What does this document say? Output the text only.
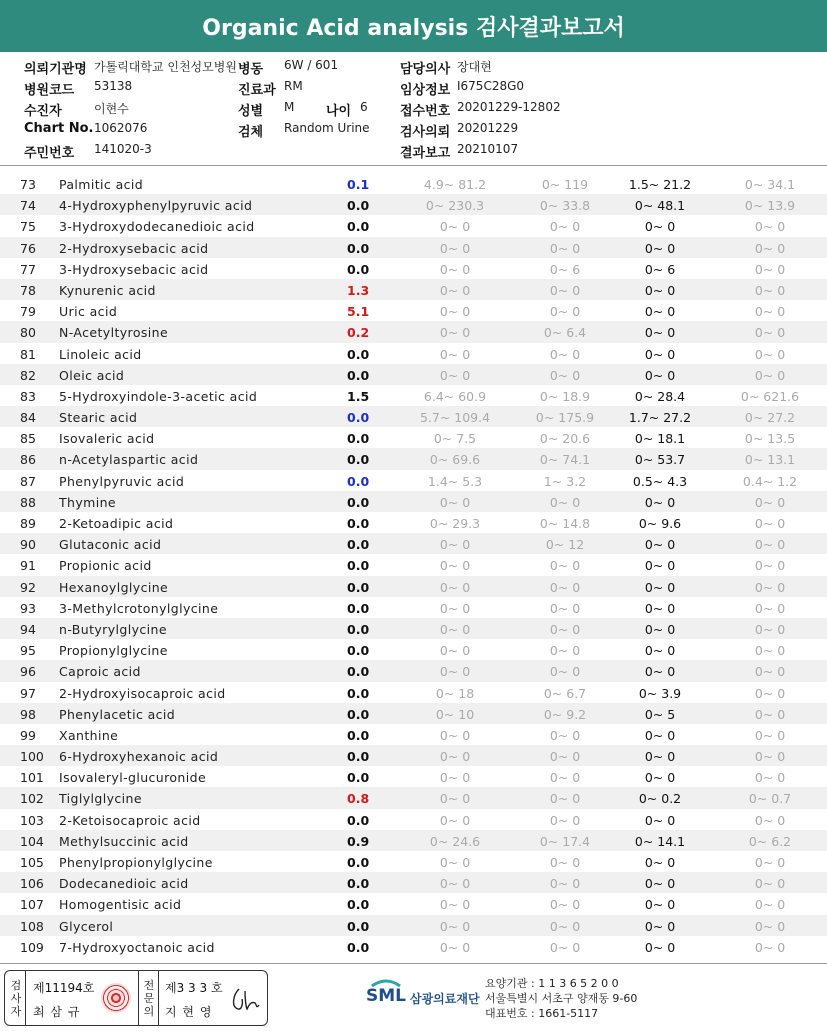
Organic Acid analysis 검사결과보고서
의뢰기관명 가톨릭대학교 인천성모병원
병원코드 53138
수진자	이현수
Chart No. 1062076
주민번호 141020-3
병동 6W / 601
진료과 RM
성별 M 나이 6
검체 Random Urine
담당의사 장대현
임상정보 I675C28G0
접수번호 20201229-12802
검사의뢰 20201229
결과보고 20210107
73 Palmitic acid	0.1	4.9~ 81.2	0~ 119	1.5~ 21.2	0~ 34.1
74 4-Hydroxyphenylpyruvic acid	0.0	0~ 230.3	0~ 33.8	0~ 48.1	0~ 13.9
75 3-Hydroxydodecanedioic acid	0.0	0~ 0	0~ 0	0~ 0	0~ 0
76 2-Hydroxysebacic acid	0.0	0~ 0	0~ 0	0~ 0	0~ 0
77 3-Hydroxysebacic acid	0.0	0~ 0	0~ 6	0~ 6	0~ 0
78 Kynurenic acid	1.3	0~ 0	0~ 0	0~ 0	0~ 0
79 Uric acid	5.1	0~ 0	0~ 0	0~ 0	0~ 0
80 N-Acetyltyrosine	0.2	0~ 0	0~ 6.4	0~ 0	0~ 0
81 Linoleic acid	0.0	0~ 0	0~ 0	0~ 0	0~ 0
82 Oleic acid	0.0	0~ 0	0~ 0	0~ 0	0~ 0
83 5-Hydroxyindole-3-acetic acid	1.5	6.4~ 60.9	0~ 18.9	0~ 28.4	0~ 621.6
84 Stearic acid	0.0	5.7~ 109.4	0~ 175.9	1.7~ 27.2	0~ 27.2
85 Isovaleric acid	0.0	0~ 7.5	0~ 20.6	0~ 18.1	0~ 13.5
86 n-Acetylaspartic acid	0.0	0~ 69.6	0~ 74.1	0~ 53.7	0~ 13.1
87 Phenylpyruvic acid	0.0	1.4~ 5.3	1~ 3.2	0.5~ 4.3	0.4~ 1.2
88 Thymine	0.0	0~ 0	0~ 0	0~ 0	0~ 0
89 2-Ketoadipic acid	0.0	0~ 29.3	0~ 14.8	0~ 9.6	0~ 0
90 Glutaconic acid	0.0	0~ 0	0~ 12	0~ 0	0~ 0
91 Propionic acid	0.0	0~ 0	0~ 0	0~ 0	0~ 0
92 Hexanoylglycine	0.0	0~ 0	0~ 0	0~ 0	0~ 0
93 3-Methylcrotonylglycine	0.0	0~ 0	0~ 0	0~ 0	0~ 0
94 n-Butyrylglycine	0.0	0~ 0	0~ 0	0~ 0	0~ 0
95 Propionylglycine	0.0	0~ 0	0~ 0	0~ 0	0~ 0
96 Caproic acid	0.0	0~ 0	0~ 0	0~ 0	0~ 0
97 2-Hydroxyisocaproic acid	0.0	0~ 18	0~ 6.7	0~ 3.9	0~ 0
98 Phenylacetic acid	0.0	0~ 10	0~ 9.2	0~ 5	0~ 0
99 Xanthine	0.0	0~ 0	0~ 0	0~ 0	0~ 0
100 6-Hydroxyhexanoic acid	0.0	0~ 0	0~ 0	0~ 0	0~ 0
101 Isovaleryl-glucuronide	0.0	0~ 0	0~ 0	0~ 0	0~ 0
102 Tiglylglycine	0.8	0~ 0	0~ 0	0~ 0.2	0~ 0.7
103 2-Ketoisocaproic acid	0.0	0~ 0	0~ 0	0~ 0	0~ 0
104 Methylsuccinic acid	0.9	0~ 24.6	0~ 17.4	0~ 14.1	0~ 6.2
105 Phenylpropionylglycine	0.0	0~ 0	0~ 0	0~ 0	0~ 0
106 Dodecanedioic acid	0.0	0~ 0	0~ 0	0~ 0	0~ 0
107 Homogentisic acid	0.0	0~ 0	0~ 0	0~ 0	0~ 0
108 Glycerol	0.0	0~ 0	0~ 0	0~ 0	0~ 0
109 7-Hydroxyoctanoic acid	0.0	0~ 0	0~ 0	0~ 0	0~ 0
검
사
자
제11194호
최 삼 규
전
문
의
제3 3 3 호
지 현 영
SML 삼광의료재단
요양기관 : 1 1 3 6 5 2 0 0
서울특별시 서초구 양재동 9-60
대표번호 : 1661-5117
